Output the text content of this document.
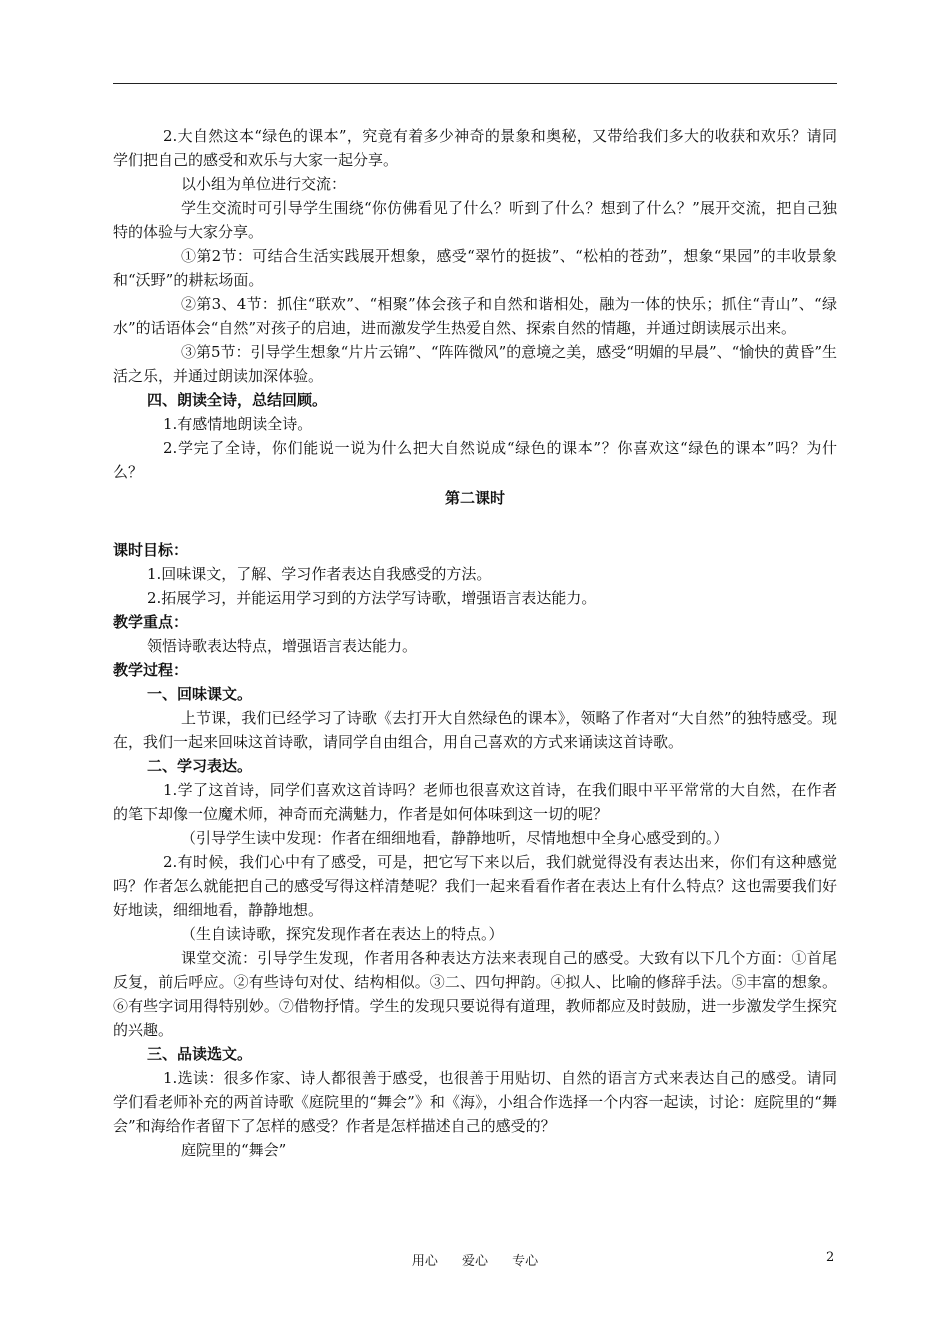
2.大自然这本“绿色的课本”，究竟有着多少神奇的景象和奥秘，又带给我们多大的收获和欢乐？请同学们把自己的感受和欢乐与大家一起分享。

以小组为单位进行交流：

学生交流时可引导学生围绕“你仿佛看见了什么？听到了什么？想到了什么？”展开交流，把自己独特的体验与大家分享。

①第2节：可结合生活实践展开想象，感受“翠竹的挺拔”、“松柏的苍劲”，想象“果园”的丰收景象和“沃野”的耕耘场面。

②第3、4节：抓住“联欢”、“相聚”体会孩子和自然和谐相处，融为一体的快乐；抓住“青山”、“绿水”的话语体会“自然”对孩子的启迪，进而激发学生热爱自然、探索自然的情趣，并通过朗读展示出来。

③第5节：引导学生想象“片片云锦”、“阵阵微风”的意境之美，感受“明媚的早晨”、“愉快的黄昏”生活之乐，并通过朗读加深体验。

四、朗读全诗，总结回顾。

1.有感情地朗读全诗。

2.学完了全诗，你们能说一说为什么把大自然说成“绿色的课本”？你喜欢这“绿色的课本”吗？为什么？

第二课时

课时目标：

1.回味课文，了解、学习作者表达自我感受的方法。

2.拓展学习，并能运用学习到的方法学写诗歌，增强语言表达能力。

教学重点：

领悟诗歌表达特点，增强语言表达能力。

教学过程：

一、回味课文。

上节课，我们已经学习了诗歌《去打开大自然绿色的课本》，领略了作者对“大自然”的独特感受。现在，我们一起来回味这首诗歌，请同学自由组合，用自己喜欢的方式来诵读这首诗歌。

二、学习表达。

1.学了这首诗，同学们喜欢这首诗吗？老师也很喜欢这首诗，在我们眼中平平常常的大自然，在作者的笔下却像一位魔术师，神奇而充满魅力，作者是如何体味到这一切的呢？

（引导学生读中发现：作者在细细地看，静静地听，尽情地想中全身心感受到的。）

2.有时候，我们心中有了感受，可是，把它写下来以后，我们就觉得没有表达出来，你们有这种感觉吗？作者怎么就能把自己的感受写得这样清楚呢？我们一起来看看作者在表达上有什么特点？这也需要我们好好地读，细细地看，静静地想。

（生自读诗歌，探究发现作者在表达上的特点。）

课堂交流：引导学生发现，作者用各种表达方法来表现自己的感受。大致有以下几个方面：①首尾反复，前后呼应。②有些诗句对仗、结构相似。③二、四句押韵。④拟人、比喻的修辞手法。⑤丰富的想象。⑥有些字词用得特别妙。⑦借物抒情。学生的发现只要说得有道理，教师都应及时鼓励，进一步激发学生探究的兴趣。

三、品读选文。

1.选读：很多作家、诗人都很善于感受，也很善于用贴切、自然的语言方式来表达自己的感受。请同学们看老师补充的两首诗歌《庭院里的“舞会”》和《海》，小组合作选择一个内容一起读，讨论：庭院里的“舞会”和海给作者留下了怎样的感受？作者是怎样描述自己的感受的？

庭院里的“舞会”

用心 爱心 专心	2
